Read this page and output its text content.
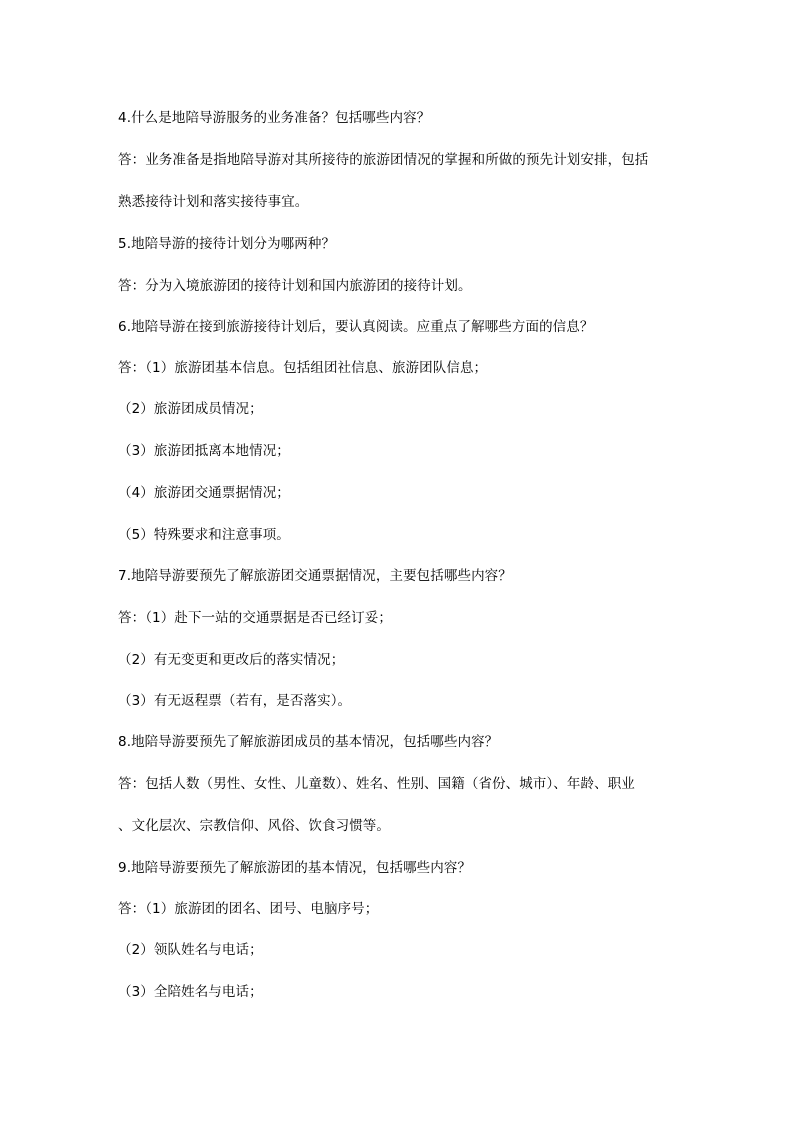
4.什么是地陪导游服务的业务准备？包括哪些内容？
答：业务准备是指地陪导游对其所接待的旅游团情况的掌握和所做的预先计划安排，包括
熟悉接待计划和落实接待事宜。
5.地陪导游的接待计划分为哪两种？
答：分为入境旅游团的接待计划和国内旅游团的接待计划。
6.地陪导游在接到旅游接待计划后，要认真阅读。应重点了解哪些方面的信息？
答：（1）旅游团基本信息。包括组团社信息、旅游团队信息；
（2）旅游团成员情况；
（3）旅游团抵离本地情况；
（4）旅游团交通票据情况；
（5）特殊要求和注意事项。
7.地陪导游要预先了解旅游团交通票据情况，主要包括哪些内容？
答：（1）赴下一站的交通票据是否已经订妥；
（2）有无变更和更改后的落实情况；
（3）有无返程票（若有，是否落实）。
8.地陪导游要预先了解旅游团成员的基本情况，包括哪些内容？
答：包括人数（男性、女性、儿童数）、姓名、性别、国籍（省份、城市）、年龄、职业
、文化层次、宗教信仰、风俗、饮食习惯等。
9.地陪导游要预先了解旅游团的基本情况，包括哪些内容？
答：（1）旅游团的团名、团号、电脑序号；
（2）领队姓名与电话；
（3）全陪姓名与电话；
